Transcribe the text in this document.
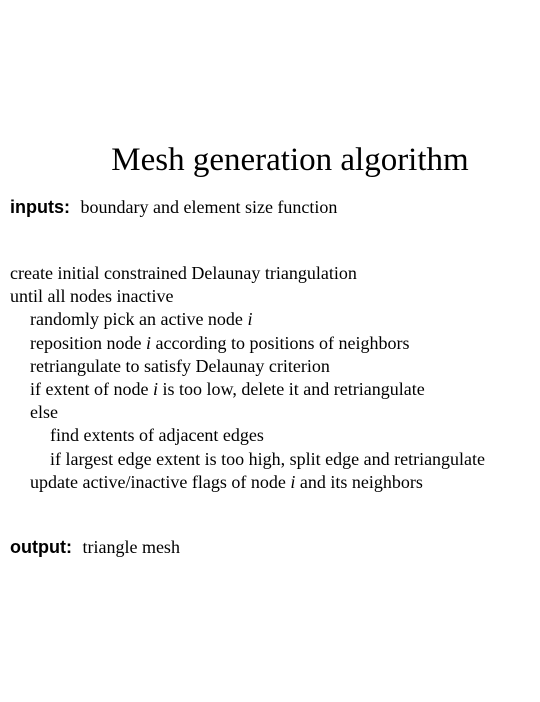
Mesh generation algorithm
inputs: boundary and element size function
create initial constrained Delaunay triangulation
until all nodes inactive
randomly pick an active node i
reposition node i according to positions of neighbors
retriangulate to satisfy Delaunay criterion
if extent of node i is too low, delete it and retriangulate
else
find extents of adjacent edges
if largest edge extent is too high, split edge and retriangulate
update active/inactive flags of node i and its neighbors
output: triangle mesh
